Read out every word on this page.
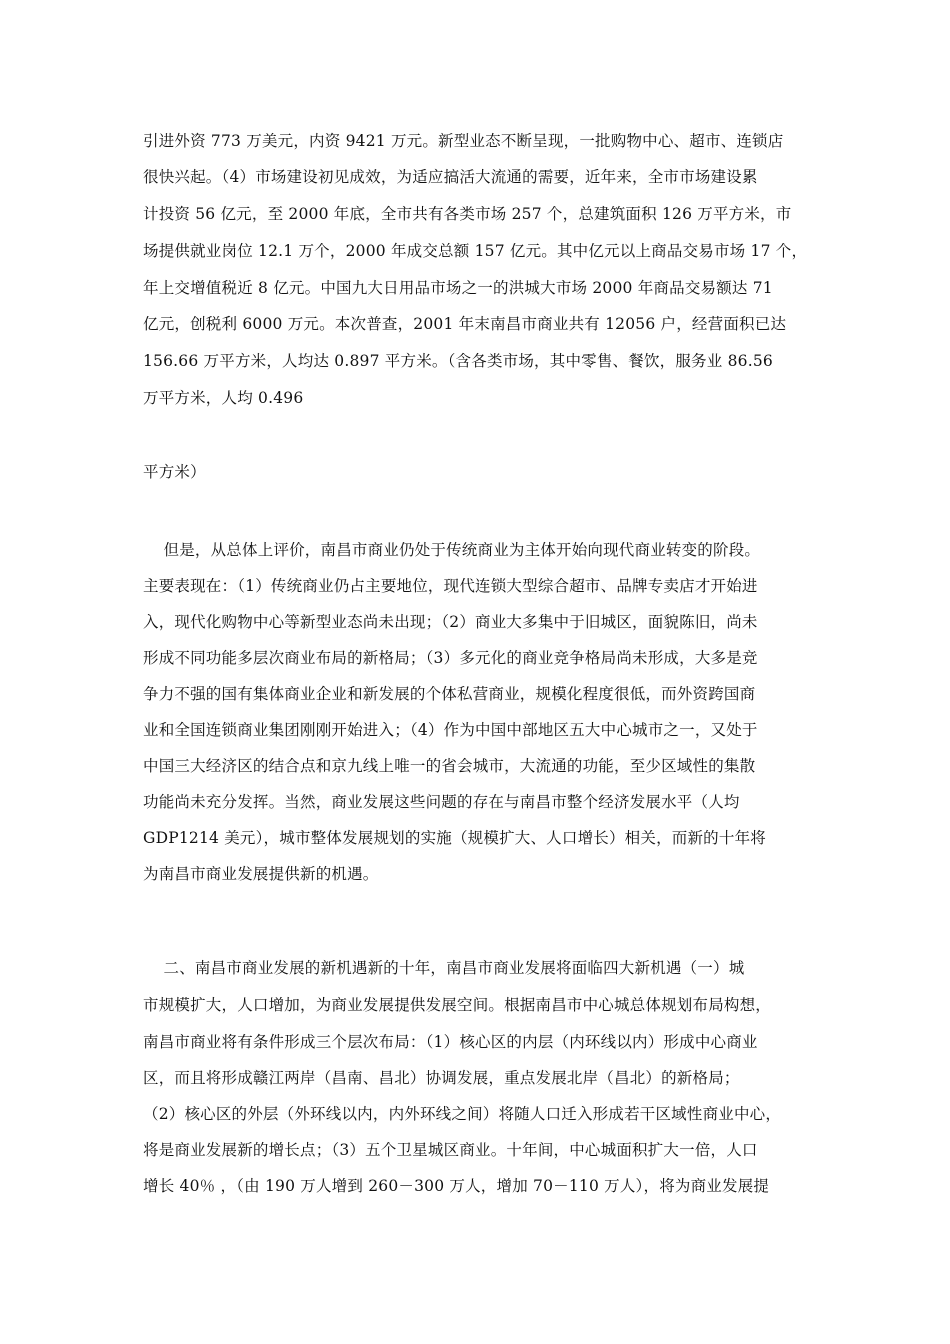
引进外资 773 万美元，内资 9421 万元。新型业态不断呈现，一批购物中心、超市、连锁店
很快兴起。（4）市场建设初见成效，为适应搞活大流通的需要，近年来，全市市场建设累
计投资 56 亿元，至 2000 年底，全市共有各类市场 257 个，总建筑面积 126 万平方米，市
场提供就业岗位 12.1 万个，2000 年成交总额 157 亿元。其中亿元以上商品交易市场 17 个，
年上交增值税近 8 亿元。中国九大日用品市场之一的洪城大市场 2000 年商品交易额达 71
亿元，创税利 6000 万元。本次普查，2001 年末南昌市商业共有 12056 户，经营面积已达
156.66 万平方米，人均达 0.897 平方米。（含各类市场，其中零售、餐饮，服务业 86.56
万平方米，人均 0.496
平方米）
但是，从总体上评价，南昌市商业仍处于传统商业为主体开始向现代商业转变的阶段。
主要表现在：（1）传统商业仍占主要地位，现代连锁大型综合超市、品牌专卖店才开始进
入，现代化购物中心等新型业态尚未出现；（2）商业大多集中于旧城区，面貌陈旧，尚未
形成不同功能多层次商业布局的新格局；（3）多元化的商业竞争格局尚未形成，大多是竞
争力不强的国有集体商业企业和新发展的个体私营商业，规模化程度很低，而外资跨国商
业和全国连锁商业集团刚刚开始进入；（4）作为中国中部地区五大中心城市之一，又处于
中国三大经济区的结合点和京九线上唯一的省会城市，大流通的功能，至少区域性的集散
功能尚未充分发挥。当然，商业发展这些问题的存在与南昌市整个经济发展水平（人均
GDP1214 美元），城市整体发展规划的实施（规模扩大、人口增长）相关，而新的十年将
为南昌市商业发展提供新的机遇。
二、南昌市商业发展的新机遇新的十年，南昌市商业发展将面临四大新机遇（一）城
市规模扩大，人口增加，为商业发展提供发展空间。根据南昌市中心城总体规划布局构想，
南昌市商业将有条件形成三个层次布局：（1）核心区的内层（内环线以内）形成中心商业
区，而且将形成赣江两岸（昌南、昌北）协调发展，重点发展北岸（昌北）的新格局；
（2）核心区的外层（外环线以内，内外环线之间）将随人口迁入形成若干区域性商业中心，
将是商业发展新的增长点；（3）五个卫星城区商业。十年间，中心城面积扩大一倍，人口
增长 40％ ，（由 190 万人增到 260－300 万人，增加 70－110 万人），将为商业发展提
